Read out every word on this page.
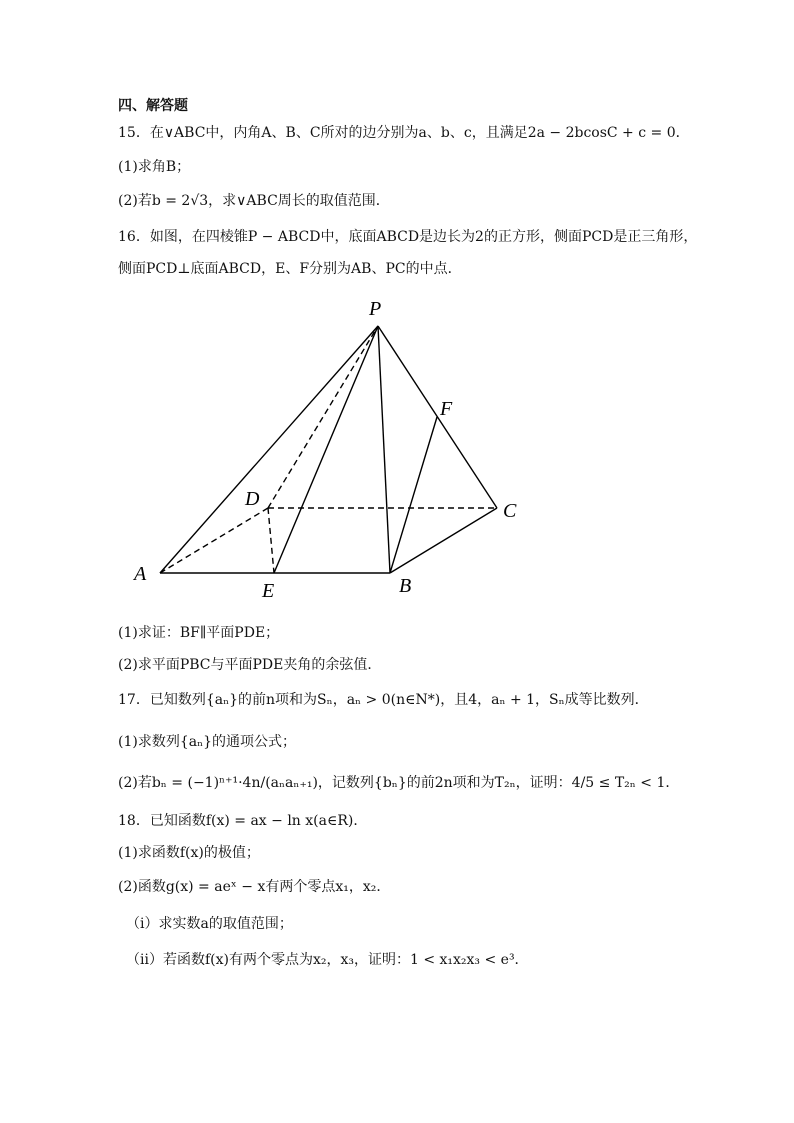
四、解答题
15．在∨ABC中，内角A、B、C所对的边分别为a、b、c，且满足2a − 2bcosC + c = 0．
(1)求角B；
(2)若b = 2√3，求∨ABC周长的取值范围．
16．如图，在四棱锥P − ABCD中，底面ABCD是边长为2的正方形，侧面PCD是正三角形，
侧面PCD⊥底面ABCD，E、F分别为AB、PC的中点．
P
F
D
C
A
E	B
(1)求证：BF∥平面PDE；
(2)求平面PBC与平面PDE夹角的余弦值．
17．已知数列{aₙ}的前n项和为Sₙ，aₙ > 0(n∈N*)，且4，aₙ + 1，Sₙ成等比数列．
(1)求数列{aₙ}的通项公式；
(2)若bₙ = (−1)ⁿ⁺¹·4n/(aₙaₙ₊₁)，记数列{bₙ}的前2n项和为T₂ₙ，证明：4/5 ≤ T₂ₙ < 1．
18．已知函数f(x) = ax − ln x(a∈R)．
(1)求函数f(x)的极值；
(2)函数g(x) = aeˣ − x有两个零点x₁，x₂．
（i）求实数a的取值范围；
（ⅱ）若函数f(x)有两个零点为x₂，x₃，证明：1 < x₁x₂x₃ < e³．
